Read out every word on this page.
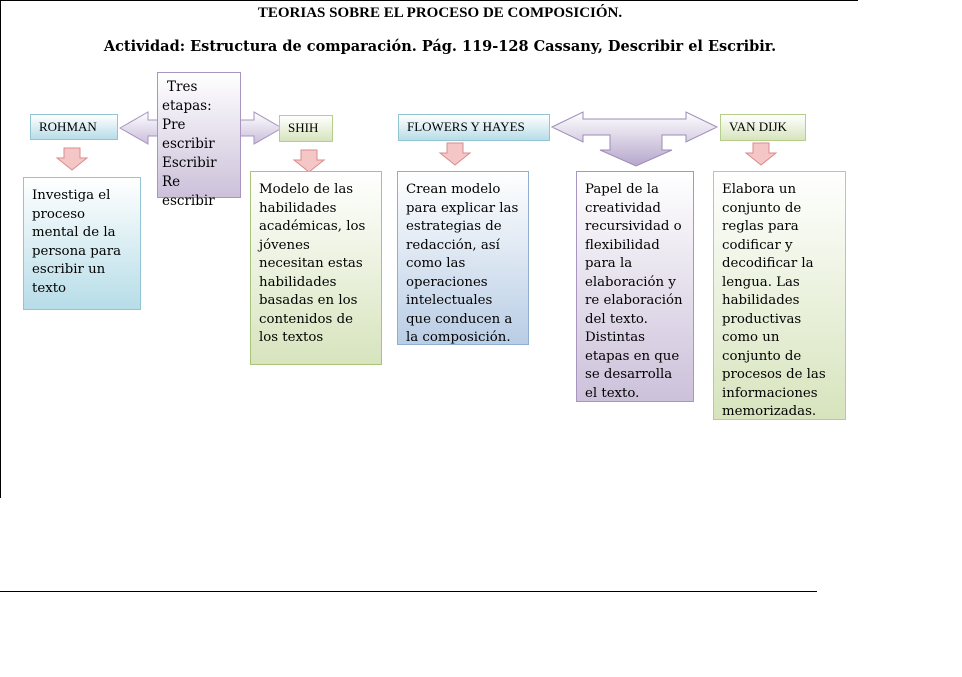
TEORIAS SOBRE EL PROCESO DE COMPOSICIÓN.
Actividad: Estructura de comparación. Pág. 119-128 Cassany, Describir el Escribir.
Tres
etapas:
Pre
escribir
Escribir
Re escribir
ROHMAN	SHIH	FLOWERS Y HAYES	VAN DIJK
Investiga el proceso mental de la persona para escribir un texto
Modelo de las habilidades académicas, los jóvenes necesitan estas habilidades basadas en los contenidos de los textos
Crean modelo para explicar las estrategias de redacción, así como las operaciones intelectuales que conducen a la composición.
Papel de la creatividad recursividad o flexibilidad para la elaboración y re elaboración del texto. Distintas etapas en que se desarrolla el texto.
Elabora un conjunto de reglas para codificar y decodificar la lengua. Las habilidades productivas como un conjunto de procesos de las informaciones memorizadas.
